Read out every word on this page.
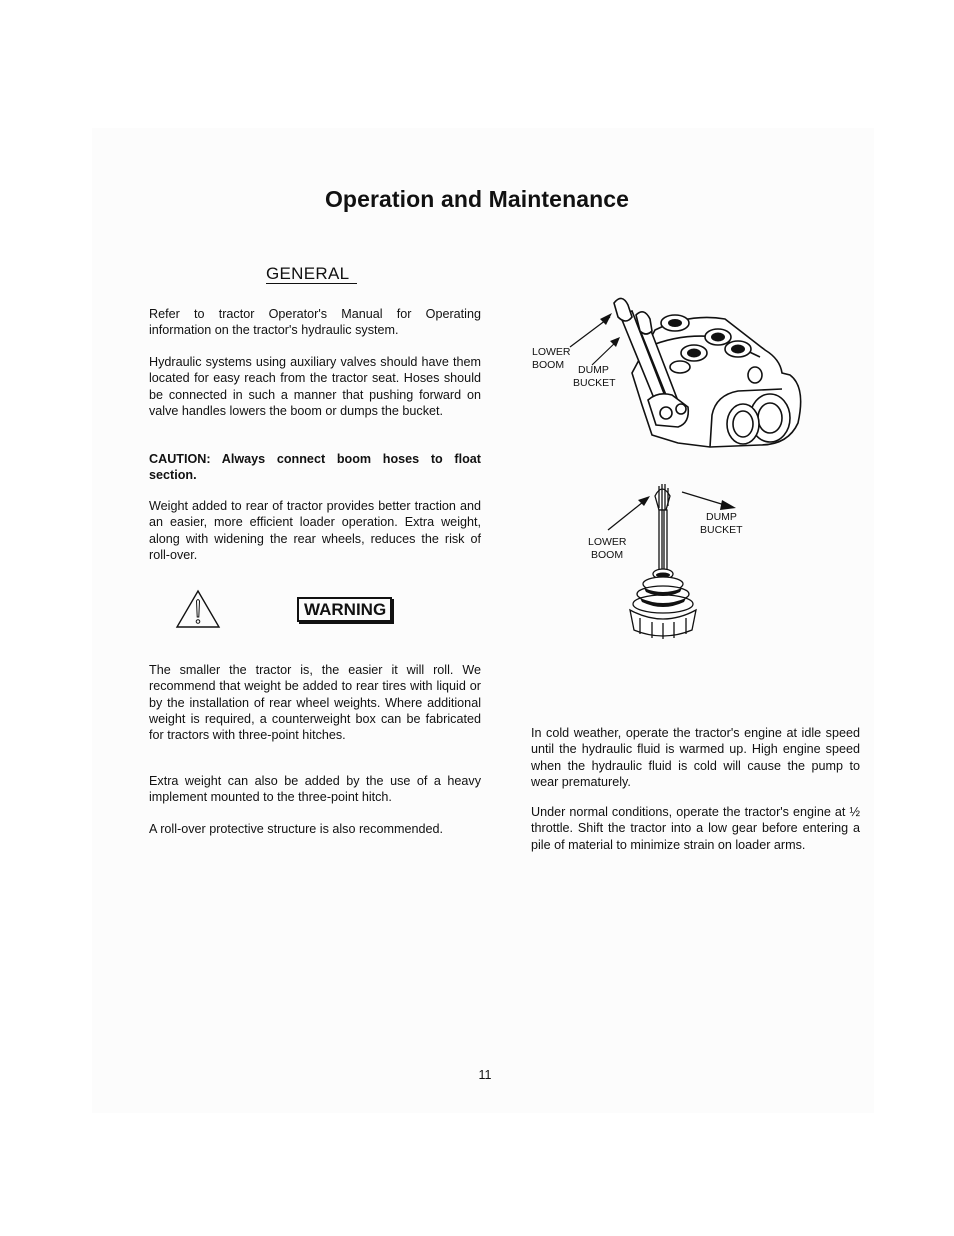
Operation and Maintenance
GENERAL

Refer to tractor Operator's Manual for Operating information on the tractor's hydraulic system.

Hydraulic systems using auxiliary valves should have them located for easy reach from the tractor seat. Hoses should be connected in such a manner that pushing forward on valve handles lowers the boom or dumps the bucket.

CAUTION: Always connect boom hoses to float section.

Weight added to rear of tractor provides better traction and an easier, more efficient loader operation. Extra weight, along with widening the rear wheels, reduces the risk of roll-over.

WARNING

The smaller the tractor is, the easier it will roll. We recommend that weight be added to rear tires with liquid or by the installation of rear wheel weights. Where additional weight is required, a counterweight box can be fabricated for tractors with three-point hitches.

Extra weight can also be added by the use of a heavy implement mounted to the three-point hitch.

A roll-over protective structure is also recommended.

LOWER
BOOM	DUMP
BUCKET
DUMP
BUCKET
LOWER
BOOM

In cold weather, operate the tractor's engine at idle speed until the hydraulic fluid is warmed up. High engine speed when the hydraulic fluid is cold will cause the pump to wear prematurely.

Under normal conditions, operate the tractor's engine at ½ throttle. Shift the tractor into a low gear before entering a pile of material to minimize strain on loader arms.

11
